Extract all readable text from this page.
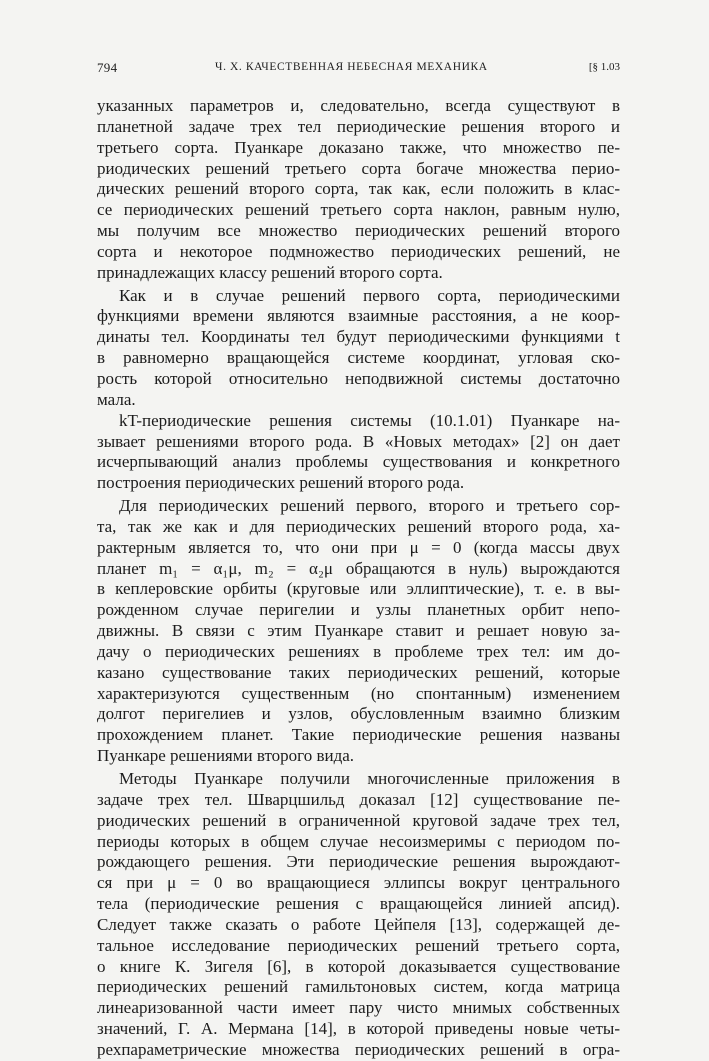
794	Ч. X. КАЧЕСТВЕННАЯ НЕБЕСНАЯ МЕХАНИКА	[§ 1.03
указанных параметров и, следовательно, всегда существуют в
планетной задаче трех тел периодические решения второго и
третьего сорта. Пуанкаре доказано также, что множество пе-
риодических решений третьего сорта богаче множества перио-
дических решений второго сорта, так как, если положить в клас-
се периодических решений третьего сорта наклон, равным нулю,
мы получим все множество периодических решений второго
сорта и некоторое подмножество периодических решений, не
принадлежащих классу решений второго сорта.
Как и в случае решений первого сорта, периодическими
функциями времени являются взаимные расстояния, а не коор-
динаты тел. Координаты тел будут периодическими функциями t
в равномерно вращающейся системе координат, угловая ско-
рость которой относительно неподвижной системы достаточно
мала.
kT-периодические решения системы (10.1.01) Пуанкаре на-
зывает решениями второго рода. В «Новых методах» [2] он дает
исчерпывающий анализ проблемы существования и конкретного
построения периодических решений второго рода.
Для периодических решений первого, второго и третьего сор-
та, так же как и для периодических решений второго рода, ха-
рактерным является то, что они при μ = 0 (когда массы двух
планет m₁ = α₁μ, m₂ = α₂μ обращаются в нуль) вырождаются
в кеплеровские орбиты (круговые или эллиптические), т. е. в вы-
рожденном случае перигелии и узлы планетных орбит непо-
движны. В связи с этим Пуанкаре ставит и решает новую за-
дачу о периодических решениях в проблеме трех тел: им до-
казано существование таких периодических решений, которые
характеризуются существенным (но спонтанным) изменением
долгот перигелиев и узлов, обусловленным взаимно близким
прохождением планет. Такие периодические решения названы
Пуанкаре решениями второго вида.
Методы Пуанкаре получили многочисленные приложения в
задаче трех тел. Шварцшильд доказал [12] существование пе-
риодических решений в ограниченной круговой задаче трех тел,
периоды которых в общем случае несоизмеримы с периодом по-
рождающего решения. Эти периодические решения вырождают-
ся при μ = 0 во вращающиеся эллипсы вокруг центрального
тела (периодические решения с вращающейся линией апсид).
Следует также сказать о работе Цейпеля [13], содержащей де-
тальное исследование периодических решений третьего сорта,
о книге К. Зигеля [6], в которой доказывается существование
периодических решений гамильтоновых систем, когда матрица
линеаризованной части имеет пару чисто мнимых собственных
значений, Г. А. Мермана [14], в которой приведены новые четы-
рехпараметрические множества периодических решений в огра-
